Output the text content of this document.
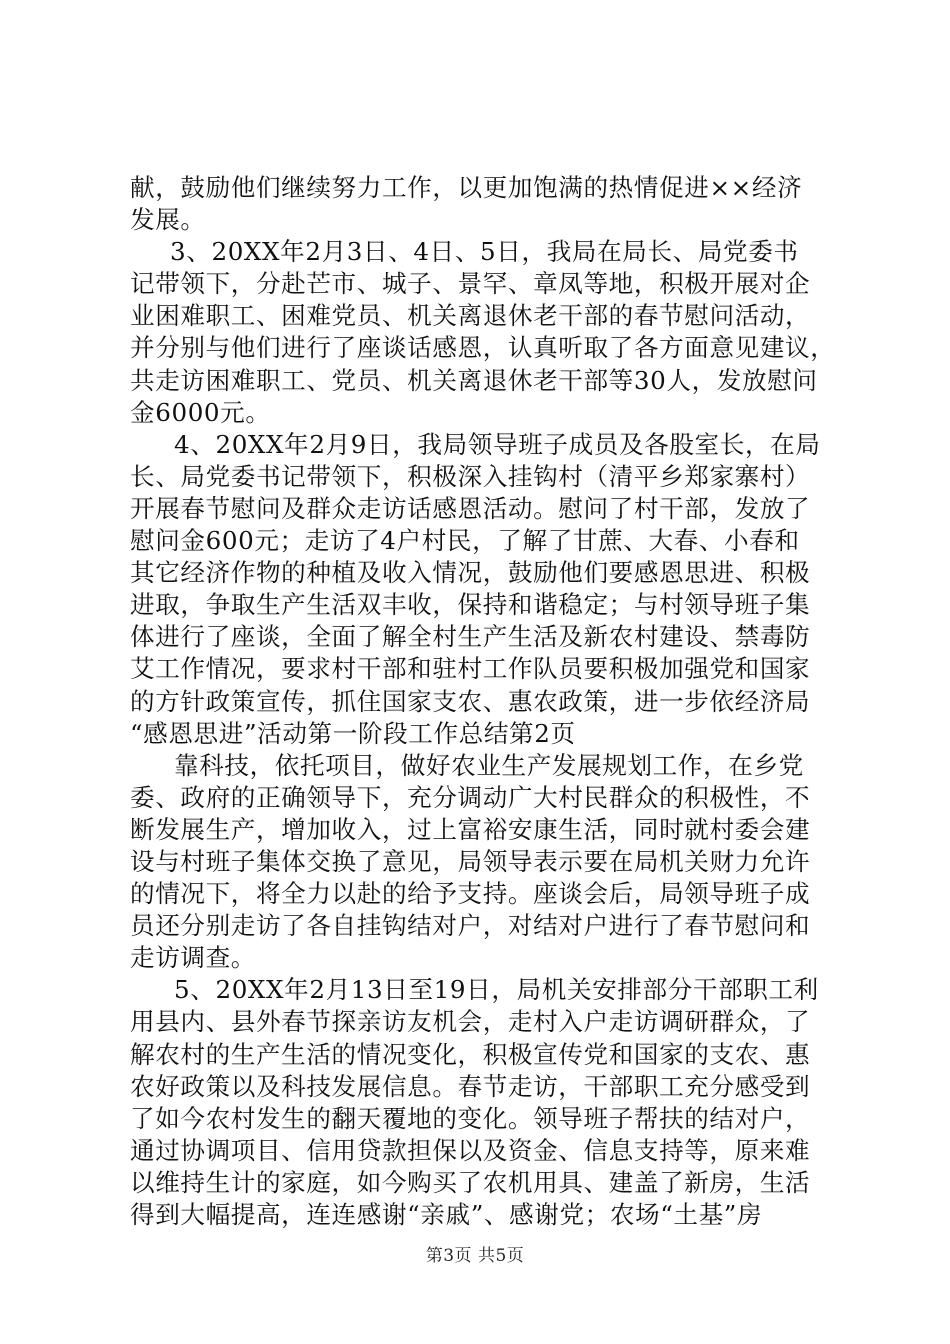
献，鼓励他们继续努力工作，以更加饱满的热情促进××经济
发展。
3、20XX年2月3日、4日、5日，我局在局长、局党委书
记带领下，分赴芒市、城子、景罕、章凤等地，积极开展对企
业困难职工、困难党员、机关离退休老干部的春节慰问活动，
并分别与他们进行了座谈话感恩，认真听取了各方面意见建议，
共走访困难职工、党员、机关离退休老干部等30人，发放慰问
金6000元。
4、20XX年2月9日，我局领导班子成员及各股室长，在局
长、局党委书记带领下，积极深入挂钩村（清平乡郑家寨村）
开展春节慰问及群众走访话感恩活动。慰问了村干部，发放了
慰问金600元；走访了4户村民，了解了甘蔗、大春、小春和
其它经济作物的种植及收入情况，鼓励他们要感恩思进、积极
进取，争取生产生活双丰收，保持和谐稳定；与村领导班子集
体进行了座谈，全面了解全村生产生活及新农村建设、禁毒防
艾工作情况，要求村干部和驻村工作队员要积极加强党和国家
的方针政策宣传，抓住国家支农、惠农政策，进一步依经济局
“感恩思进”活动第一阶段工作总结第2页
靠科技，依托项目，做好农业生产发展规划工作，在乡党
委、政府的正确领导下，充分调动广大村民群众的积极性，不
断发展生产，增加收入，过上富裕安康生活，同时就村委会建
设与村班子集体交换了意见，局领导表示要在局机关财力允许
的情况下，将全力以赴的给予支持。座谈会后，局领导班子成
员还分别走访了各自挂钩结对户，对结对户进行了春节慰问和
走访调查。
5、20XX年2月13日至19日，局机关安排部分干部职工利
用县内、县外春节探亲访友机会，走村入户走访调研群众，了
解农村的生产生活的情况变化，积极宣传党和国家的支农、惠
农好政策以及科技发展信息。春节走访，干部职工充分感受到
了如今农村发生的翻天覆地的变化。领导班子帮扶的结对户，
通过协调项目、信用贷款担保以及资金、信息支持等，原来难
以维持生计的家庭，如今购买了农机用具、建盖了新房，生活
得到大幅提高，连连感谢“亲戚”、感谢党；农场“土基”房
第3页 共5页
